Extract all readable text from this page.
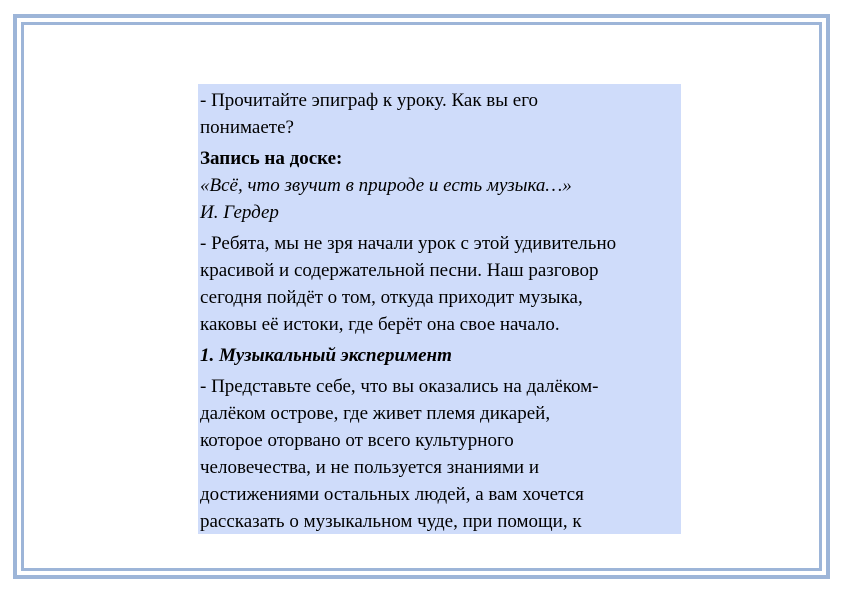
- Прочитайте эпиграф к уроку. Как вы его
понимаете?
Запись на доске:
«Всё, что звучит в природе и есть музыка…»
И. Гердер
- Ребята, мы не зря начали урок с этой удивительно
красивой и содержательной песни. Наш разговор
сегодня пойдёт о том, откуда приходит музыка,
каковы её истоки, где берёт она свое начало.
1. Музыкальный эксперимент
- Представьте себе, что вы оказались на далёком-
далёком острове, где живет племя дикарей,
которое оторвано от всего культурного
человечества, и не пользуется знаниями и
достижениями остальных людей, а вам хочется
рассказать о музыкальном чуде, при помощи, к
